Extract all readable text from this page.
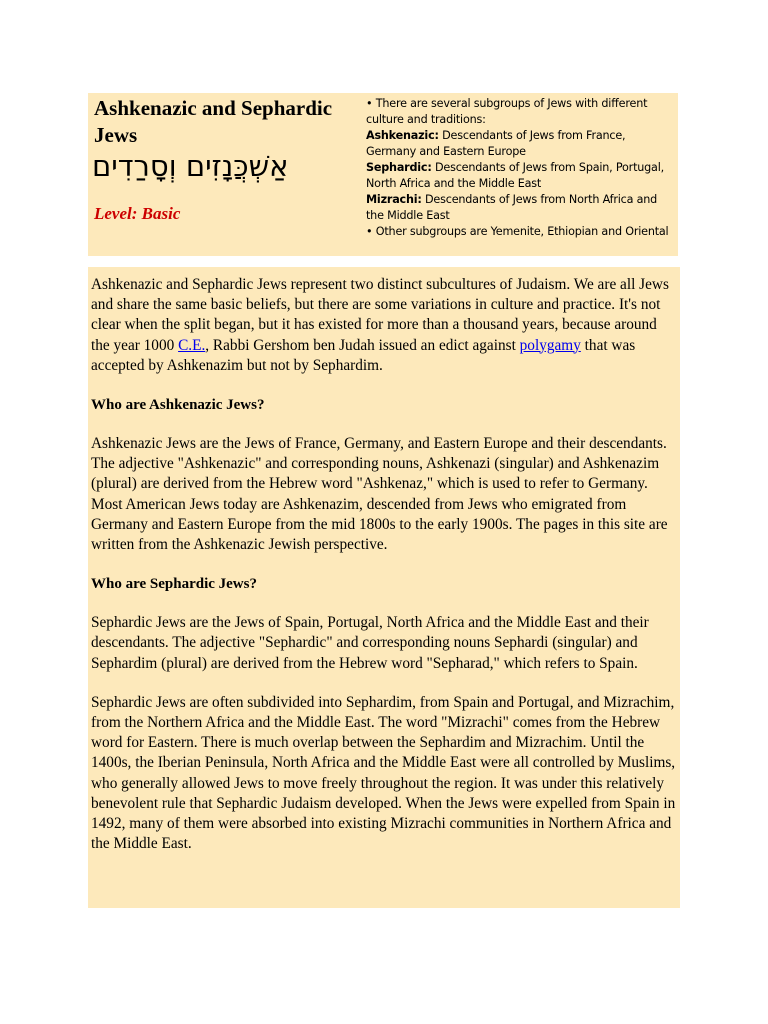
Ashkenazic and Sephardic Jews
אַשְׁכֲּנָזִים וְסָרַדִים
Level: Basic
• There are several subgroups of Jews with different culture and traditions:
Ashkenazic: Descendants of Jews from France, Germany and Eastern Europe
Sephardic: Descendants of Jews from Spain, Portugal, North Africa and the Middle East
Mizrachi: Descendants of Jews from North Africa and the Middle East
• Other subgroups are Yemenite, Ethiopian and Oriental

Ashkenazic and Sephardic Jews represent two distinct subcultures of Judaism. We are all Jews and share the same basic beliefs, but there are some variations in culture and practice. It's not clear when the split began, but it has existed for more than a thousand years, because around the year 1000 C.E., Rabbi Gershom ben Judah issued an edict against polygamy that was accepted by Ashkenazim but not by Sephardim.

Who are Ashkenazic Jews?

Ashkenazic Jews are the Jews of France, Germany, and Eastern Europe and their descendants. The adjective "Ashkenazic" and corresponding nouns, Ashkenazi (singular) and Ashkenazim (plural) are derived from the Hebrew word "Ashkenaz," which is used to refer to Germany. Most American Jews today are Ashkenazim, descended from Jews who emigrated from Germany and Eastern Europe from the mid 1800s to the early 1900s. The pages in this site are written from the Ashkenazic Jewish perspective.

Who are Sephardic Jews?

Sephardic Jews are the Jews of Spain, Portugal, North Africa and the Middle East and their descendants. The adjective "Sephardic" and corresponding nouns Sephardi (singular) and Sephardim (plural) are derived from the Hebrew word "Sepharad," which refers to Spain.

Sephardic Jews are often subdivided into Sephardim, from Spain and Portugal, and Mizrachim, from the Northern Africa and the Middle East. The word "Mizrachi" comes from the Hebrew word for Eastern. There is much overlap between the Sephardim and Mizrachim. Until the 1400s, the Iberian Peninsula, North Africa and the Middle East were all controlled by Muslims, who generally allowed Jews to move freely throughout the region. It was under this relatively benevolent rule that Sephardic Judaism developed. When the Jews were expelled from Spain in 1492, many of them were absorbed into existing Mizrachi communities in Northern Africa and the Middle East.
